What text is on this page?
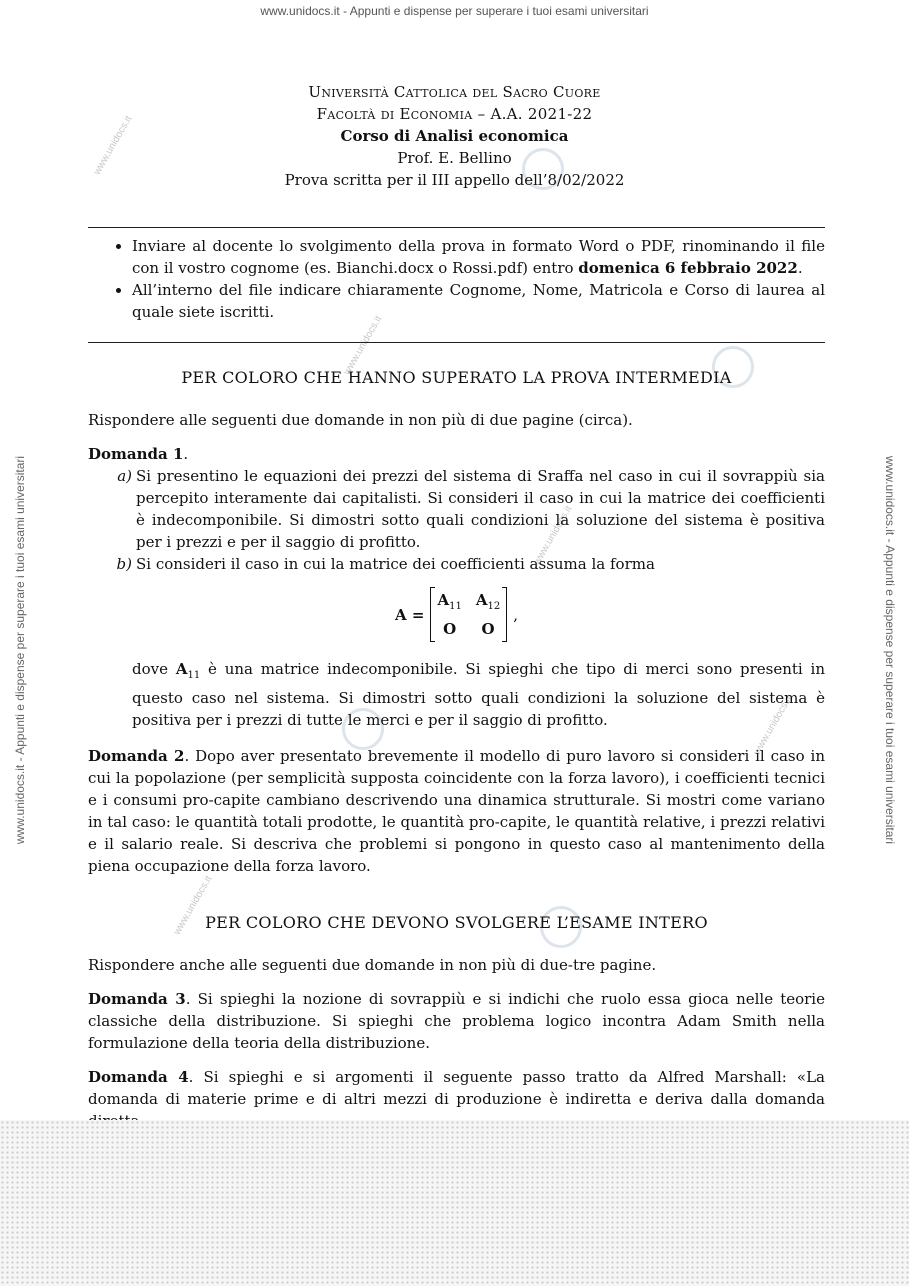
www.unidocs.it - Appunti e dispense per superare i tuoi esami universitari
www.unidocs.it - Appunti e dispense per superare i tuoi esami universitari	www.unidocs.it - Appunti e dispense per superare i tuoi esami universitari
www.unidocs.it
www.unidocs.it
www.unidocs.it
www.unidocs.it
www.unidocs.it
Università Cattolica del Sacro Cuore
Facoltà di Economia – A.A. 2021-22
Corso di Analisi economica
Prof. E. Bellino
Prova scritta per il III appello dell’8/02/2022
• Inviare al docente lo svolgimento della prova in formato Word o PDF, rinominando il file con il vostro cognome (es. Bianchi.docx o Rossi.pdf) entro domenica 6 febbraio 2022.
• All’interno del file indicare chiaramente Cognome, Nome, Matricola e Corso di laurea al quale siete iscritti.
PER COLORO CHE HANNO SUPERATO LA PROVA INTERMEDIA

Rispondere alle seguenti due domande in non più di due pagine (circa).

Domanda 1.

a) Si presentino le equazioni dei prezzi del sistema di Sraffa nel caso in cui il sovrappiù sia percepito interamente dai capitalisti. Si consideri il caso in cui la matrice dei coefficienti è indecomponibile. Si dimostri sotto quali condizioni la soluzione del sistema è positiva per i prezzi e per il saggio di profitto.
b) Si consideri il caso in cui la matrice dei coefficienti assuma la forma
A =
$A_{11}$ $A_{12}$
O	O
,
dove $A_{11}$ è una matrice indecomponibile. Si spieghi che tipo di merci sono presenti in questo caso nel sistema. Si dimostri sotto quali condizioni la soluzione del sistema è positiva per i prezzi di tutte le merci e per il saggio di profitto.

Domanda 2. Dopo aver presentato brevemente il modello di puro lavoro si consideri il caso in cui la popolazione (per semplicità supposta coincidente con la forza lavoro), i coefficienti tecnici e i consumi pro-capite cambiano descrivendo una dinamica strutturale. Si mostri come variano in tal caso: le quantità totali prodotte, le quantità pro-capite, le quantità relative, i prezzi relativi e il salario reale. Si descriva che problemi si pongono in questo caso al mantenimento della piena occupazione della forza lavoro.

PER COLORO CHE DEVONO SVOLGERE L’ESAME INTERO

Rispondere anche alle seguenti due domande in non più di due-tre pagine.

Domanda 3. Si spieghi la nozione di sovrappiù e si indichi che ruolo essa gioca nelle teorie classiche della distribuzione. Si spieghi che problema logico incontra Adam Smith nella formulazione della teoria della distribuzione.

Domanda 4. Si spieghi e si argomenti il seguente passo tratto da Alfred Marshall: «La domanda di materie prime e di altri mezzi di produzione è indiretta e deriva dalla domanda
